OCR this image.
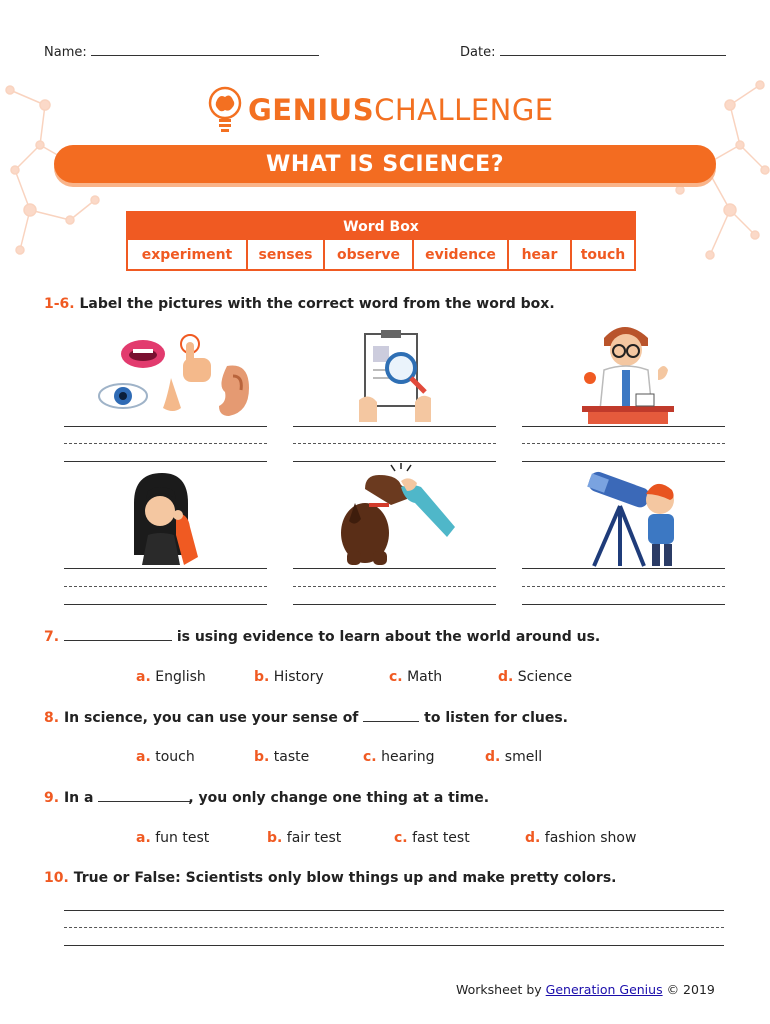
Name:	Date:
GENIUSCHALLENGE
WHAT IS SCIENCE?
Word Box
experiment	senses	observe	evidence	hear	touch
1-6. Label the pictures with the correct word from the word box.
7.	is using evidence to learn about the world around us.
a. English	b. History	c. Math	d. Science
8. In science, you can use your sense of	to listen for clues.
a. touch	b. taste	c. hearing	d. smell
9. In a	, you only change one thing at a time.
a. fun test	b. fair test	c. fast test	d. fashion show
10. True or False: Scientists only blow things up and make pretty colors.
Worksheet by Generation Genius © 2019
